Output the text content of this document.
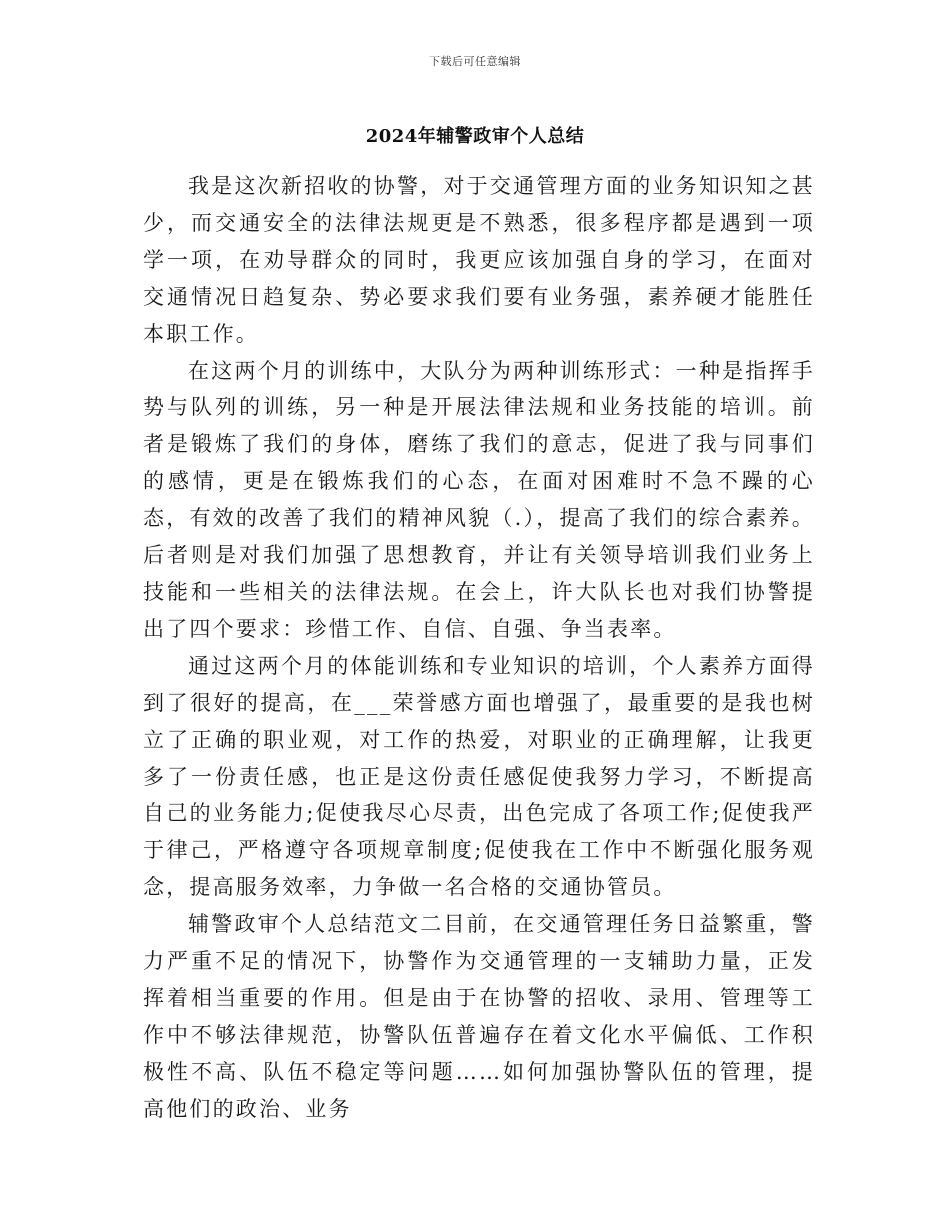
下载后可任意编辑
2024年辅警政审个人总结

我是这次新招收的协警，对于交通管理方面的业务知识知之甚少，而交通安全的法律法规更是不熟悉，很多程序都是遇到一项学一项，在劝导群众的同时，我更应该加强自身的学习，在面对交通情况日趋复杂、势必要求我们要有业务强，素养硬才能胜任本职工作。

在这两个月的训练中，大队分为两种训练形式：一种是指挥手势与队列的训练，另一种是开展法律法规和业务技能的培训。前者是锻炼了我们的身体，磨练了我们的意志，促进了我与同事们的感情，更是在锻炼我们的心态，在面对困难时不急不躁的心态，有效的改善了我们的精神风貌（.），提高了我们的综合素养。后者则是对我们加强了思想教育，并让有关领导培训我们业务上技能和一些相关的法律法规。在会上，许大队长也对我们协警提出了四个要求：珍惜工作、自信、自强、争当表率。

通过这两个月的体能训练和专业知识的培训，个人素养方面得到了很好的提高，在___荣誉感方面也增强了，最重要的是我也树立了正确的职业观，对工作的热爱，对职业的正确理解，让我更多了一份责任感，也正是这份责任感促使我努力学习，不断提高自己的业务能力;促使我尽心尽责，出色完成了各项工作;促使我严于律己，严格遵守各项规章制度;促使我在工作中不断强化服务观念，提高服务效率，力争做一名合格的交通协管员。

辅警政审个人总结范文二目前，在交通管理任务日益繁重，警力严重不足的情况下，协警作为交通管理的一支辅助力量，正发挥着相当重要的作用。但是由于在协警的招收、录用、管理等工作中不够法律规范，协警队伍普遍存在着文化水平偏低、工作积极性不高、队伍不稳定等问题……如何加强协警队伍的管理，提高他们的政治、业务
